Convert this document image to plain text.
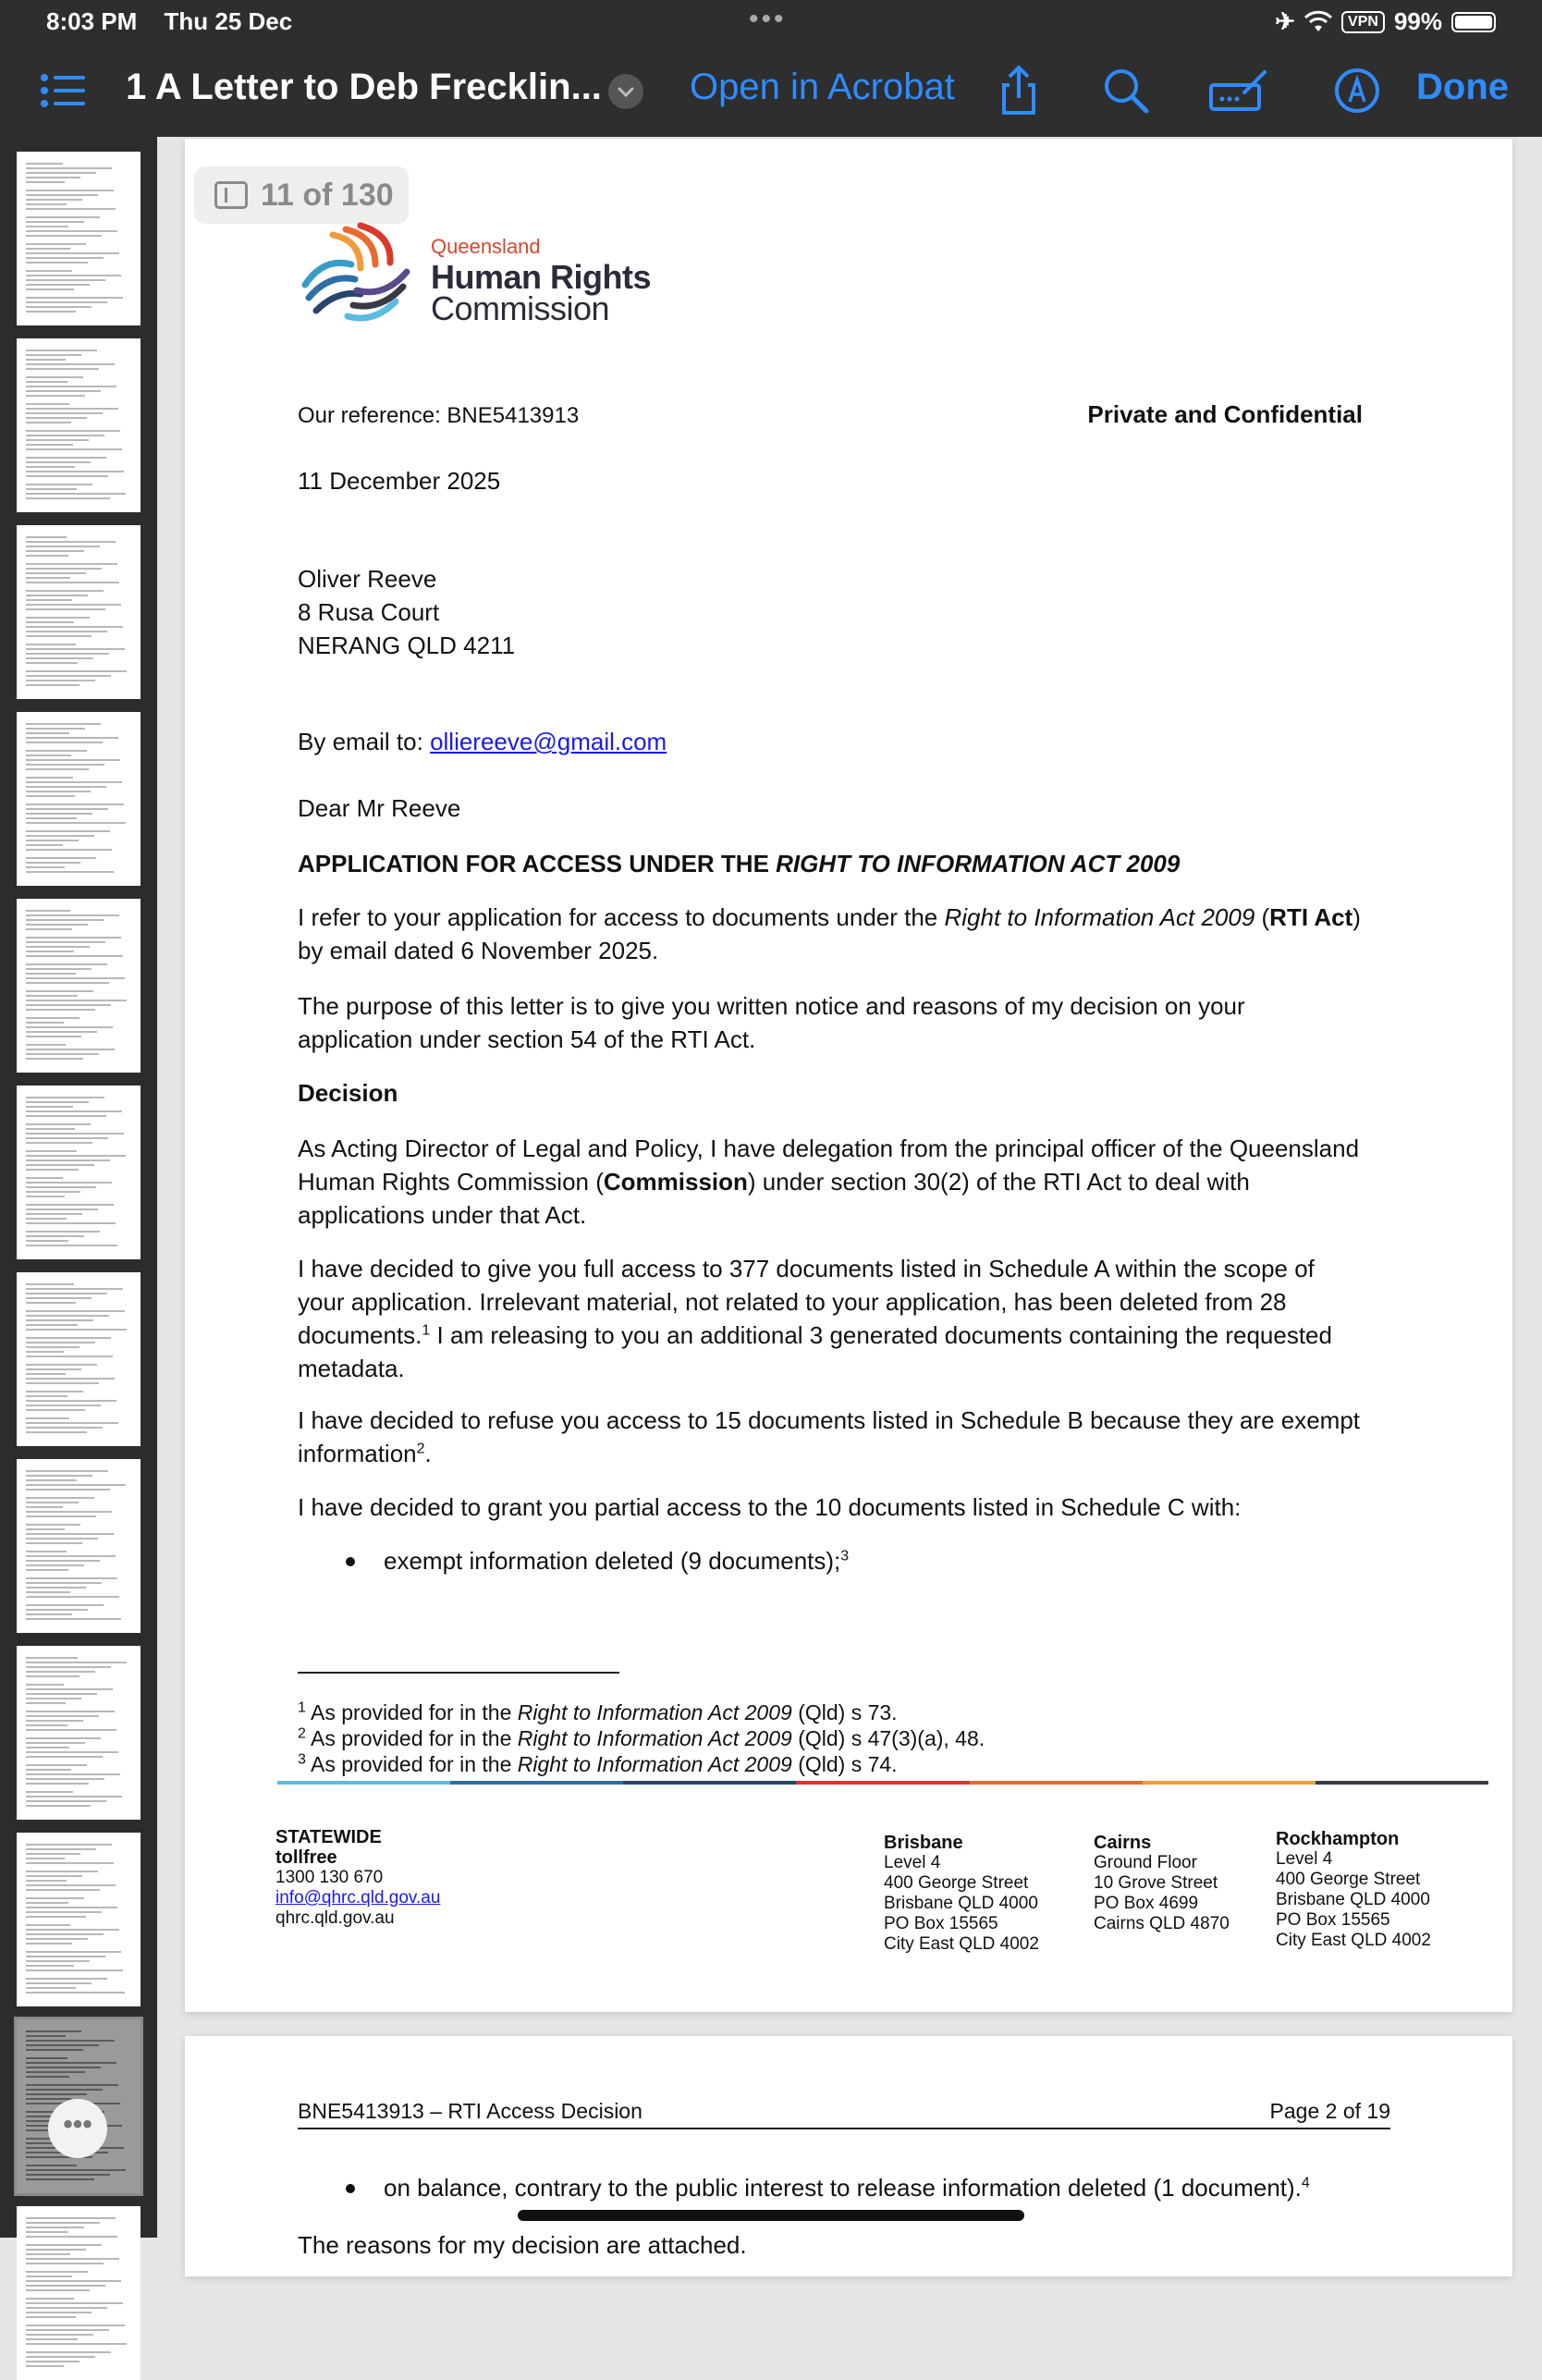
8:03 PM Thu 25 Dec	•••	✈	VPN 99%
1 A Letter to Deb Frecklin... Open in Acrobat	Done
•••
11 of 130
Queensland
Human Rights
Commission
Our reference: BNE5413913	Private and Confidential
11 December 2025
Oliver Reeve
8 Rusa Court
NERANG QLD 4211
By email to: olliereeve@gmail.com
Dear Mr Reeve
APPLICATION FOR ACCESS UNDER THE RIGHT TO INFORMATION ACT 2009
I refer to your application for access to documents under the Right to Information Act 2009 (RTI Act)
by email dated 6 November 2025.
The purpose of this letter is to give you written notice and reasons of my decision on your
application under section 54 of the RTI Act.
Decision
As Acting Director of Legal and Policy, I have delegation from the principal officer of the Queensland
Human Rights Commission (Commission) under section 30(2) of the RTI Act to deal with
applications under that Act.
I have decided to give you full access to 377 documents listed in Schedule A within the scope of
your application. Irrelevant material, not related to your application, has been deleted from 28
documents.$^1$ I am releasing to you an additional 3 generated documents containing the requested
metadata.
I have decided to refuse you access to 15 documents listed in Schedule B because they are exempt
information$^2$.
I have decided to grant you partial access to the 10 documents listed in Schedule C with:
exempt information deleted (9 documents);$^3$
$^1$ As provided for in the Right to Information Act 2009 (Qld) s 73.
$^2$ As provided for in the Right to Information Act 2009 (Qld) s 47(3)(a), 48.
$^3$ As provided for in the Right to Information Act 2009 (Qld) s 74.
STATEWIDE
tollfree
1300 130 670
info@qhrc.qld.gov.au
qhrc.qld.gov.au
Brisbane
Level 4
400 George Street
Brisbane QLD 4000
PO Box 15565
City East QLD 4002
Cairns
Ground Floor
10 Grove Street
PO Box 4699
Cairns QLD 4870
Rockhampton
Level 4
400 George Street
Brisbane QLD 4000
PO Box 15565
City East QLD 4002
BNE5413913 – RTI Access Decision	Page 2 of 19
on balance, contrary to the public interest to release information deleted (1 document).$^4$
The reasons for my decision are attached.
